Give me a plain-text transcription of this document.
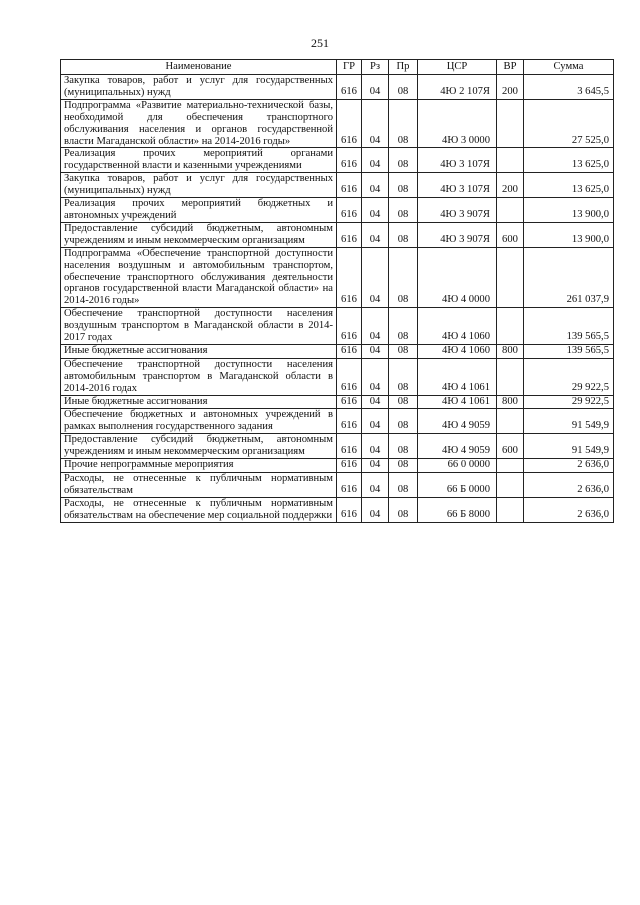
251
Наименование	ГР	Рз	Пр	ЦСР	ВР	Сумма
Закупка товаров, работ и услуг для государственных (муниципальных) нужд	616	04	08	4Ю 2 107Я	200	3 645,5
Подпрограмма «Развитие материально-технической базы, необходимой для обеспечения транспортного обслуживания населения и органов государственной власти Магаданской области» на 2014-2016 годы»	616	04	08	4Ю 3 0000		27 525,0
Реализация прочих мероприятий органами государственной власти и казенными учреждениями	616	04	08	4Ю 3 107Я		13 625,0
Закупка товаров, работ и услуг для государственных (муниципальных) нужд	616	04	08	4Ю 3 107Я	200	13 625,0
Реализация прочих мероприятий бюджетных и автономных учреждений	616	04	08	4Ю 3 907Я		13 900,0
Предоставление субсидий бюджетным, автономным учреждениям и иным некоммерческим организациям	616	04	08	4Ю 3 907Я	600	13 900,0
Подпрограмма «Обеспечение транспортной доступности населения воздушным и автомобильным транспортом, обеспечение транспортного обслуживания деятельности органов государственной власти Магаданской области» на 2014-2016 годы»	616	04	08	4Ю 4 0000		261 037,9
Обеспечение транспортной доступности населения воздушным транспортом в Магаданской области в 2014-2017 годах	616	04	08	4Ю 4 1060		139 565,5
Иные бюджетные ассигнования	616	04	08	4Ю 4 1060	800	139 565,5
Обеспечение транспортной доступности населения автомобильным транспортом в Магаданской области в 2014-2016 годах	616	04	08	4Ю 4 1061		29 922,5
Иные бюджетные ассигнования	616	04	08	4Ю 4 1061	800	29 922,5
Обеспечение бюджетных и автономных учреждений в рамках выполнения государственного задания	616	04	08	4Ю 4 9059		91 549,9
Предоставление субсидий бюджетным, автономным учреждениям и иным некоммерческим организациям	616	04	08	4Ю 4 9059	600	91 549,9
Прочие непрограммные мероприятия	616	04	08	66 0 0000		2 636,0
Расходы, не отнесенные к публичным нормативным обязательствам	616	04	08	66 Б 0000		2 636,0
Расходы, не отнесенные к публичным нормативным обязательствам на обеспечение мер социальной поддержки	616	04	08	66 Б 8000		2 636,0
